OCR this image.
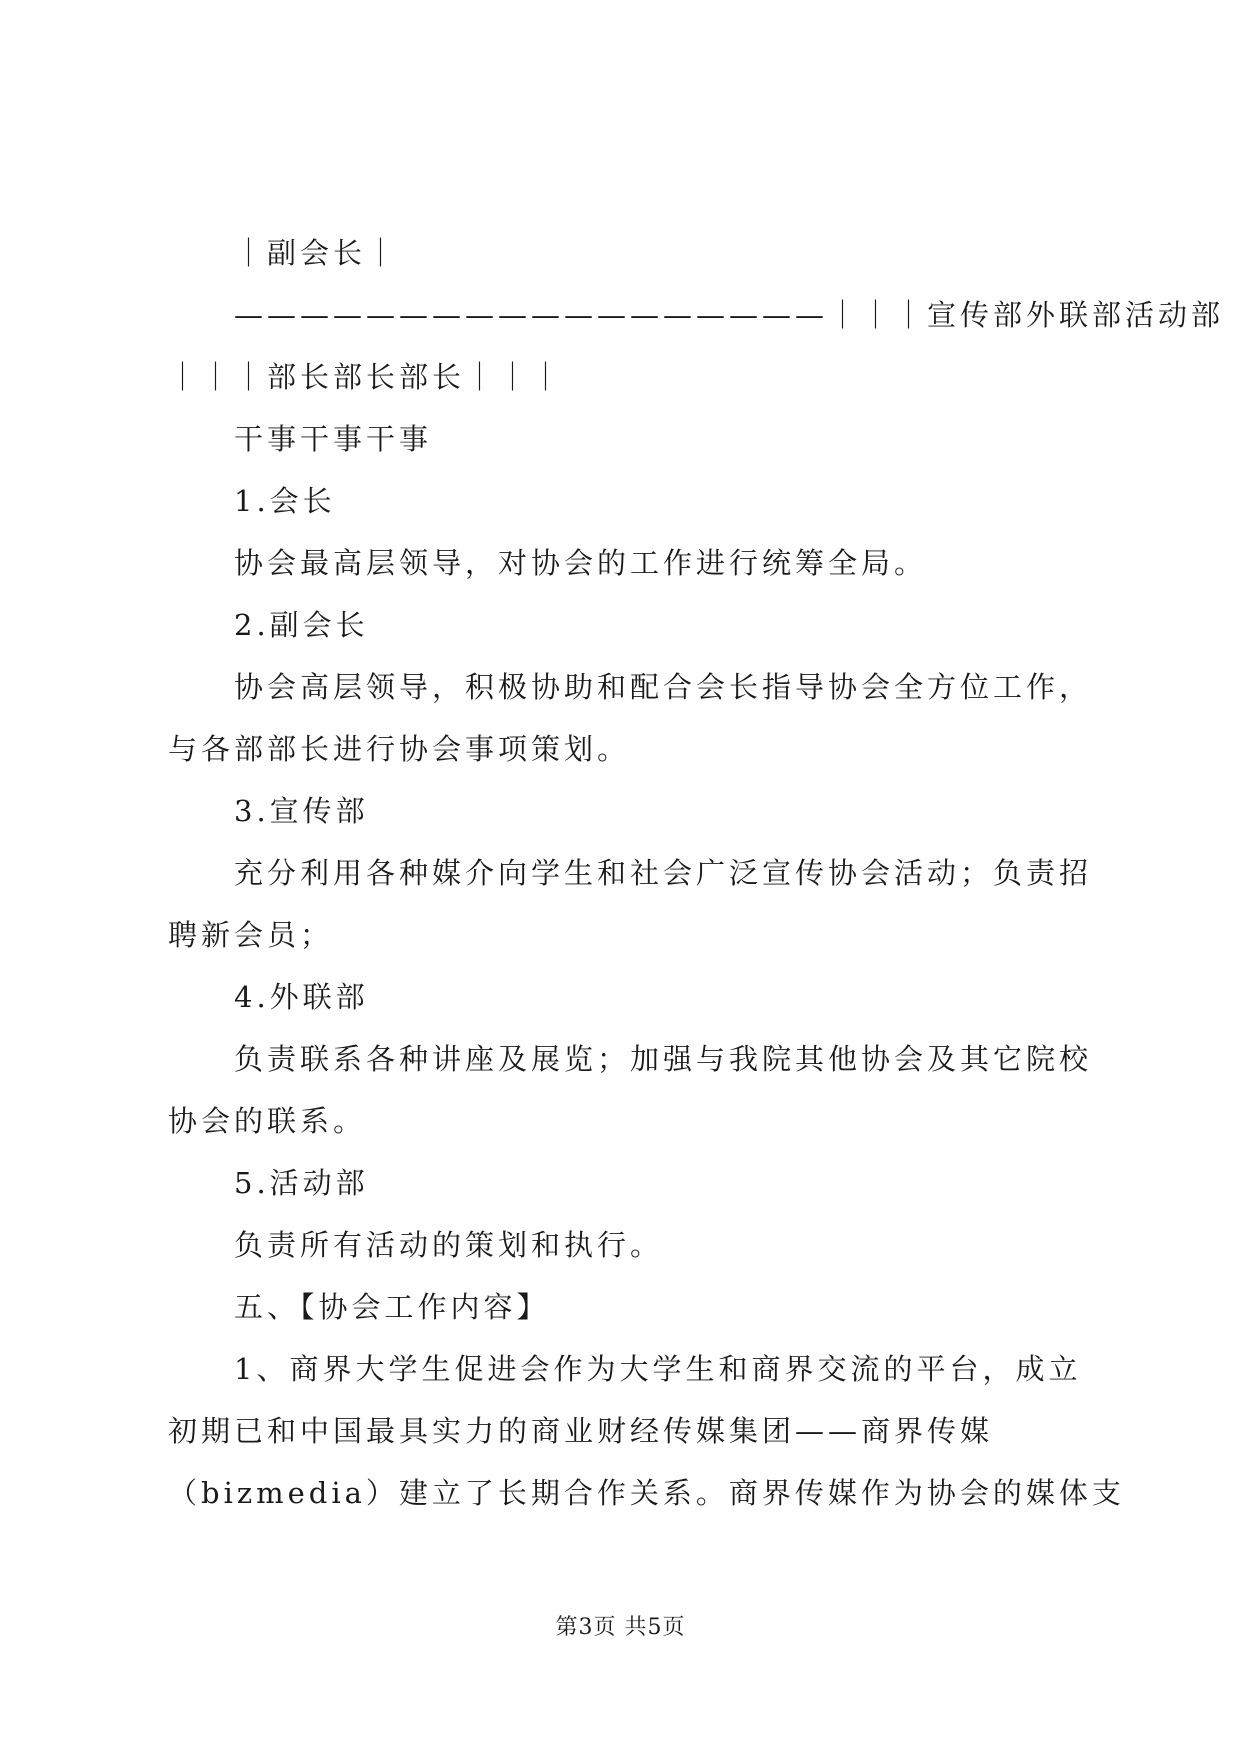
｜副会长｜

——————————————————｜｜｜宣传部外联部活动部

｜｜｜部长部长部长｜｜｜

干事干事干事

1.会长

协会最高层领导，对协会的工作进行统筹全局。

2.副会长

协会高层领导，积极协助和配合会长指导协会全方位工作，

与各部部长进行协会事项策划。

3.宣传部

充分利用各种媒介向学生和社会广泛宣传协会活动；负责招

聘新会员；

4.外联部

负责联系各种讲座及展览；加强与我院其他协会及其它院校

协会的联系。

5.活动部

负责所有活动的策划和执行。

五、【协会工作内容】

1、商界大学生促进会作为大学生和商界交流的平台，成立

初期已和中国最具实力的商业财经传媒集团——商界传媒

（bizmedia）建立了长期合作关系。商界传媒作为协会的媒体支

第3页 共5页
